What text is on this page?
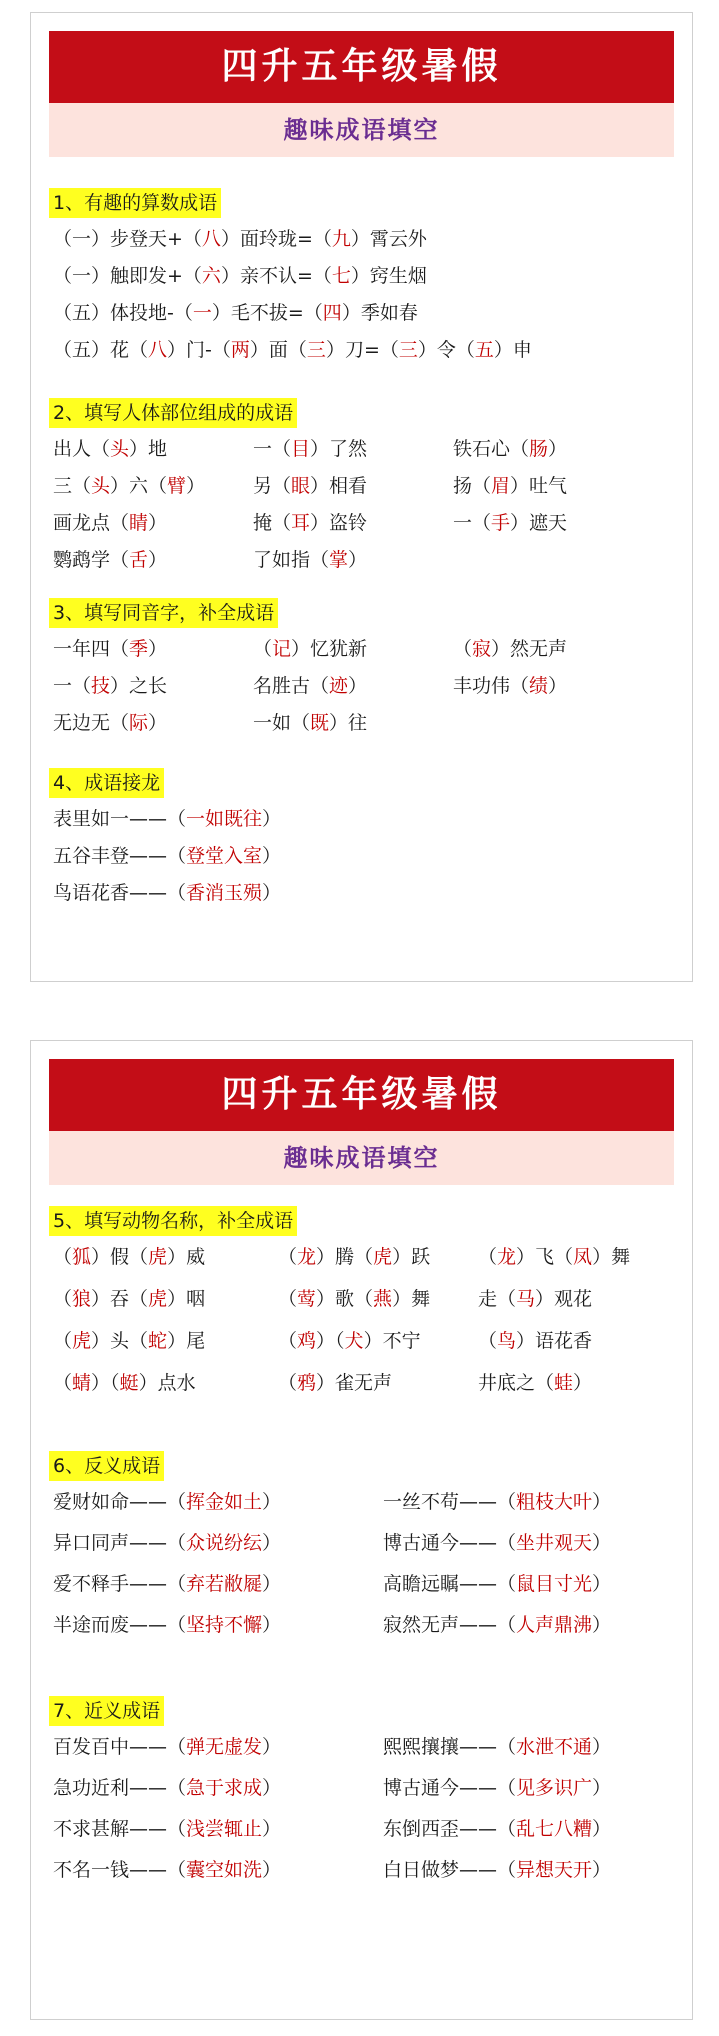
四升五年级暑假
趣味成语填空
1、有趣的算数成语
（一）步登天+（八）面玲珑=（九）霄云外
（一）触即发+（六）亲不认=（七）窍生烟
（五）体投地-（一）毛不拔=（四）季如春
（五）花（八）门-（两）面（三）刀=（三）令（五）申
2、填写人体部位组成的成语
出人（头）地	一（目）了然	铁石心（肠）
三（头）六（臂）	另（眼）相看	扬（眉）吐气
画龙点（睛）	掩（耳）盗铃	一（手）遮天
鹦鹉学（舌）	了如指（掌）
3、填写同音字，补全成语
一年四（季）	（记）忆犹新	（寂）然无声
一（技）之长	名胜古（迹）	丰功伟（绩）
无边无（际）	一如（既）往
4、成语接龙
表里如一——（一如既往）
五谷丰登——（登堂入室）
鸟语花香——（香消玉殒）
四升五年级暑假
趣味成语填空
5、填写动物名称，补全成语
（狐）假（虎）威	（龙）腾（虎）跃	（龙）飞（凤）舞
（狼）吞（虎）咽	（莺）歌（燕）舞	走（马）观花
（虎）头（蛇）尾	（鸡）（犬）不宁	（鸟）语花香
（蜻）（蜓）点水	（鸦）雀无声	井底之（蛙）
6、反义成语
爱财如命——（挥金如土）	一丝不苟——（粗枝大叶）
异口同声——（众说纷纭）	博古通今——（坐井观天）
爱不释手——（弃若敝屣）	高瞻远瞩——（鼠目寸光）
半途而废——（坚持不懈）	寂然无声——（人声鼎沸）
7、近义成语
百发百中——（弹无虚发）	熙熙攘攘——（水泄不通）
急功近利——（急于求成）	博古通今——（见多识广）
不求甚解——（浅尝辄止）	东倒西歪——（乱七八糟）
不名一钱——（囊空如洗）	白日做梦——（异想天开）
